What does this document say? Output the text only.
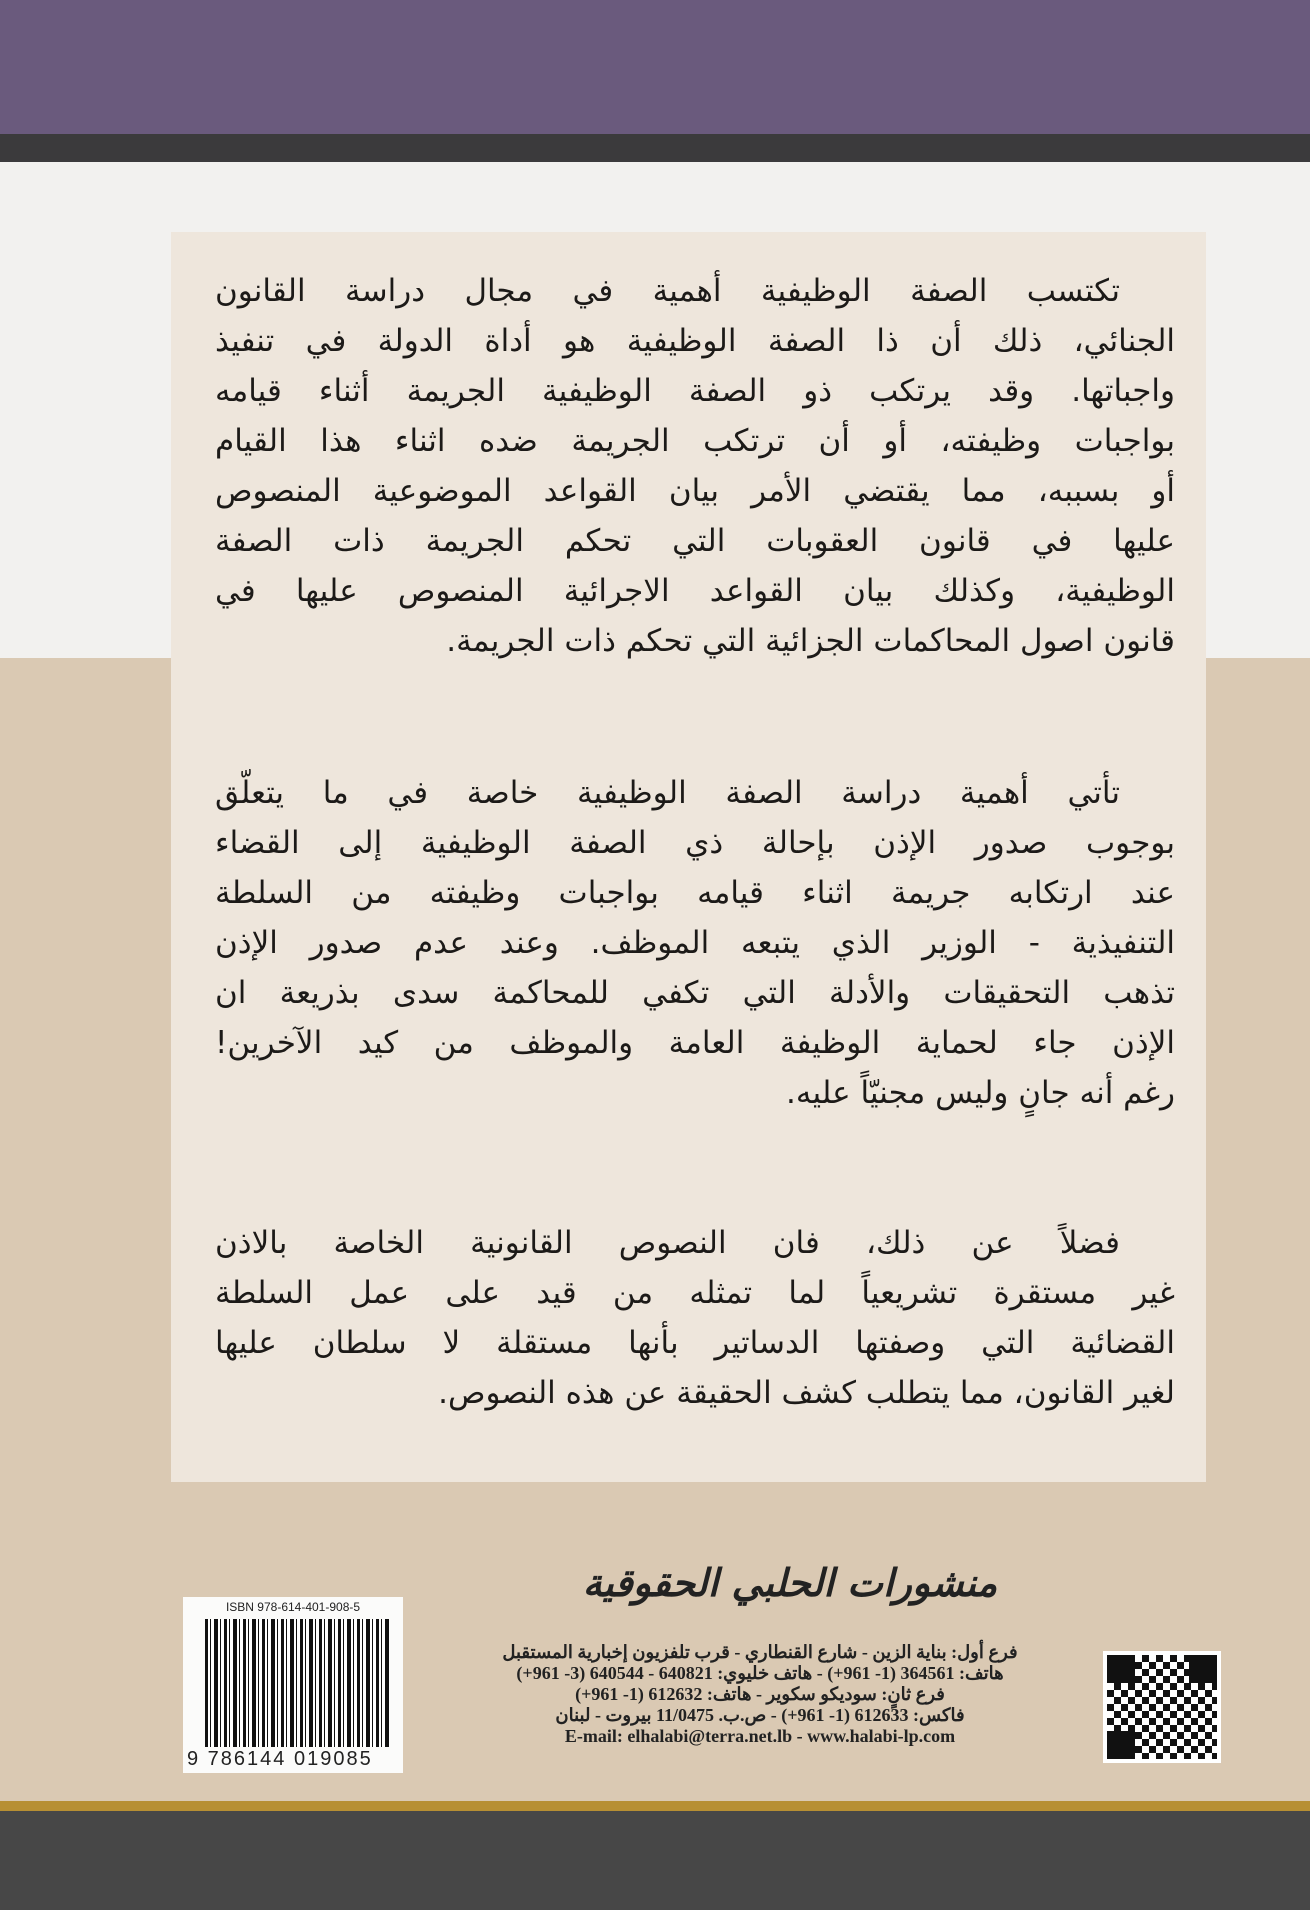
تكتسب الصفة الوظيفية أهمية في مجال دراسة القانون
الجنائي، ذلك أن ذا الصفة الوظيفية هو أداة الدولة في تنفيذ
واجباتها. وقد يرتكب ذو الصفة الوظيفية الجريمة أثناء قيامه
بواجبات وظيفته، أو أن ترتكب الجريمة ضده اثناء هذا القيام
أو بسببه، مما يقتضي الأمر بيان القواعد الموضوعية المنصوص
عليها في قانون العقوبات التي تحكم الجريمة ذات الصفة
الوظيفية، وكذلك بيان القواعد الاجرائية المنصوص عليها في
قانون اصول المحاكمات الجزائية التي تحكم ذات الجريمة.
تأتي أهمية دراسة الصفة الوظيفية خاصة في ما يتعلّق
بوجوب صدور الإذن بإحالة ذي الصفة الوظيفية إلى القضاء
عند ارتكابه جريمة اثناء قيامه بواجبات وظيفته من السلطة
التنفيذية - الوزير الذي يتبعه الموظف. وعند عدم صدور الإذن
تذهب التحقيقات والأدلة التي تكفي للمحاكمة سدى بذريعة ان
الإذن جاء لحماية الوظيفة العامة والموظف من كيد الآخرين!
رغم أنه جانٍ وليس مجنيّاً عليه.
فضلاً عن ذلك، فان النصوص القانونية الخاصة بالاذن
غير مستقرة تشريعياً لما تمثله من قيد على عمل السلطة
القضائية التي وصفتها الدساتير بأنها مستقلة لا سلطان عليها
لغير القانون، مما يتطلب كشف الحقيقة عن هذه النصوص.
منشورات الحلبي الحقوقية
فرع أول: بناية الزين - شارع القنطاري - قرب تلفزيون إخبارية المستقبل
هاتف: 364561 (1- 961+) - هاتف خليوي: 640821 - 640544 (3- 961+)
فرع ثانٍ: سوديكو سكوير - هاتف: 612632 (1- 961+)
فاكس: 612633 (1- 961+) - ص.ب. 11/0475 بيروت - لبنان
E-mail: elhalabi@terra.net.lb - www.halabi-lp.com
ISBN 978-614-401-908-5
9 786144 019085
